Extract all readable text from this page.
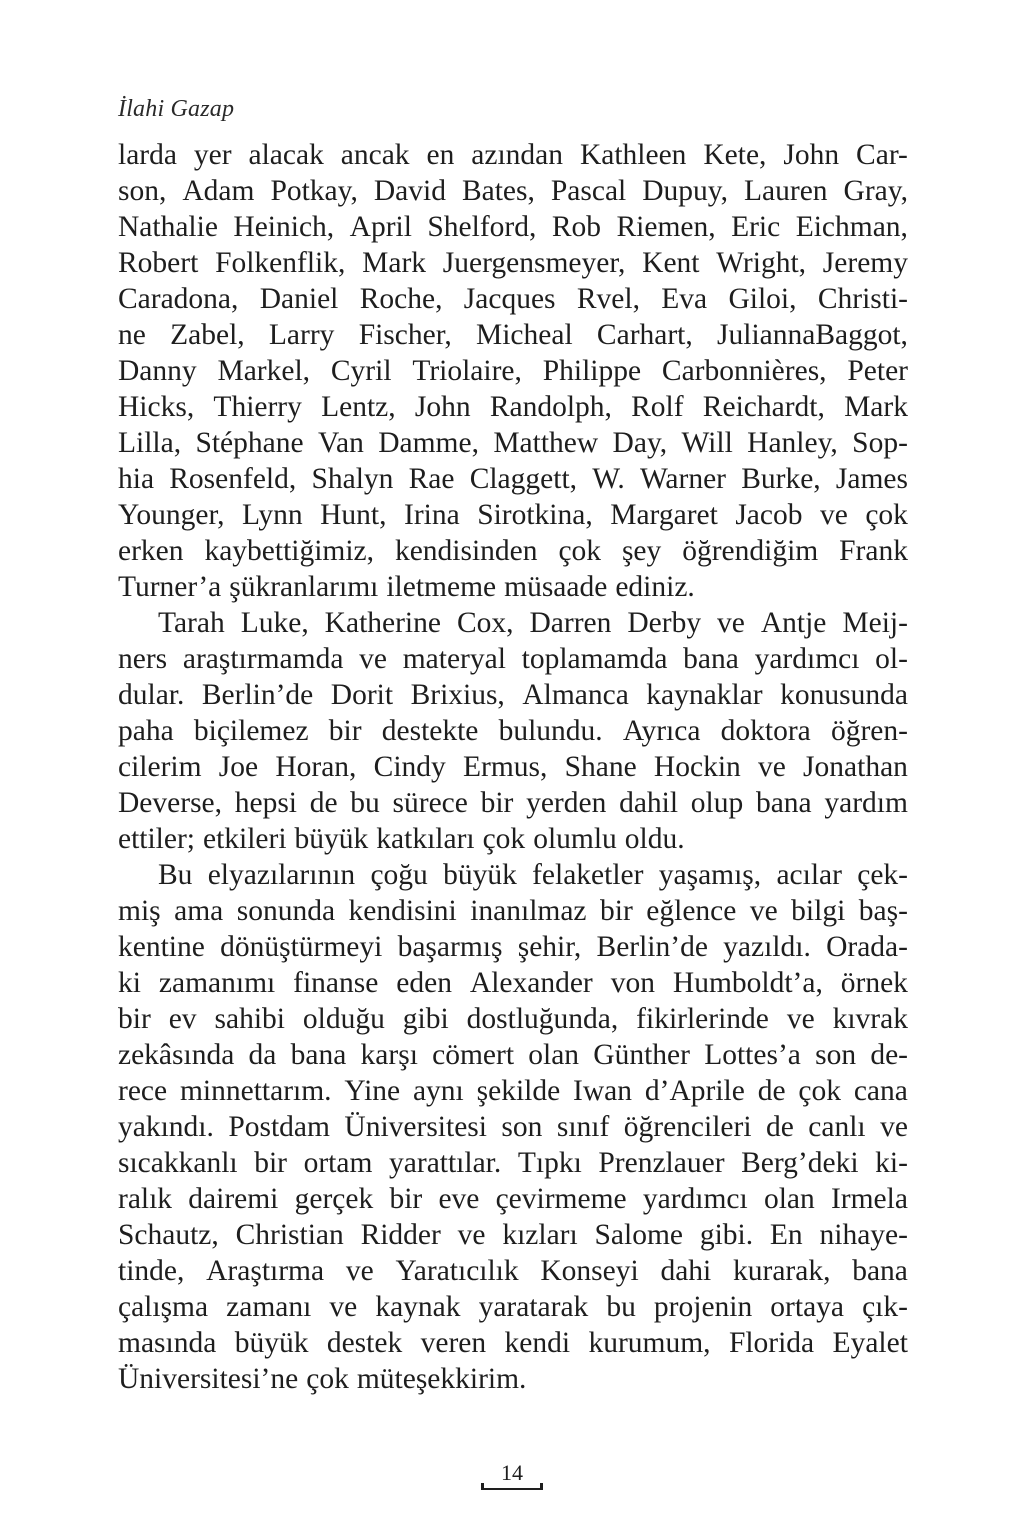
İlahi Gazap
larda yer alacak ancak en azından Kathleen Kete, John Car-
son, Adam Potkay, David Bates, Pascal Dupuy, Lauren Gray,
Nathalie Heinich, April Shelford, Rob Riemen, Eric Eichman,
Robert Folkenflik, Mark Juergensmeyer, Kent Wright, Jeremy
Caradona, Daniel Roche, Jacques Rvel, Eva Giloi, Christi-
ne Zabel, Larry Fischer, Micheal Carhart, JuliannaBaggot,
Danny Markel, Cyril Triolaire, Philippe Carbonnières, Peter
Hicks, Thierry Lentz, John Randolph, Rolf Reichardt, Mark
Lilla, Stéphane Van Damme, Matthew Day, Will Hanley, Sop-
hia Rosenfeld, Shalyn Rae Claggett, W. Warner Burke, James
Younger, Lynn Hunt, Irina Sirotkina, Margaret Jacob ve çok
erken kaybettiğimiz, kendisinden çok şey öğrendiğim Frank
Turner’a şükranlarımı iletmeme müsaade ediniz.
Tarah Luke, Katherine Cox, Darren Derby ve Antje Meij-
ners araştırmamda ve materyal toplamamda bana yardımcı ol-
dular. Berlin’de Dorit Brixius, Almanca kaynaklar konusunda
paha biçilemez bir destekte bulundu. Ayrıca doktora öğren-
cilerim Joe Horan, Cindy Ermus, Shane Hockin ve Jonathan
Deverse, hepsi de bu sürece bir yerden dahil olup bana yardım
ettiler; etkileri büyük katkıları çok olumlu oldu.
Bu elyazılarının çoğu büyük felaketler yaşamış, acılar çek-
miş ama sonunda kendisini inanılmaz bir eğlence ve bilgi baş-
kentine dönüştürmeyi başarmış şehir, Berlin’de yazıldı. Orada-
ki zamanımı finanse eden Alexander von Humboldt’a, örnek
bir ev sahibi olduğu gibi dostluğunda, fikirlerinde ve kıvrak
zekâsında da bana karşı cömert olan Günther Lottes’a son de-
rece minnettarım. Yine aynı şekilde Iwan d’Aprile de çok cana
yakındı. Postdam Üniversitesi son sınıf öğrencileri de canlı ve
sıcakkanlı bir ortam yarattılar. Tıpkı Prenzlauer Berg’deki ki-
ralık dairemi gerçek bir eve çevirmeme yardımcı olan Irmela
Schautz, Christian Ridder ve kızları Salome gibi. En nihaye-
tinde, Araştırma ve Yaratıcılık Konseyi dahi kurarak, bana
çalışma zamanı ve kaynak yaratarak bu projenin ortaya çık-
masında büyük destek veren kendi kurumum, Florida Eyalet
Üniversitesi’ne çok müteşekkirim.
14
